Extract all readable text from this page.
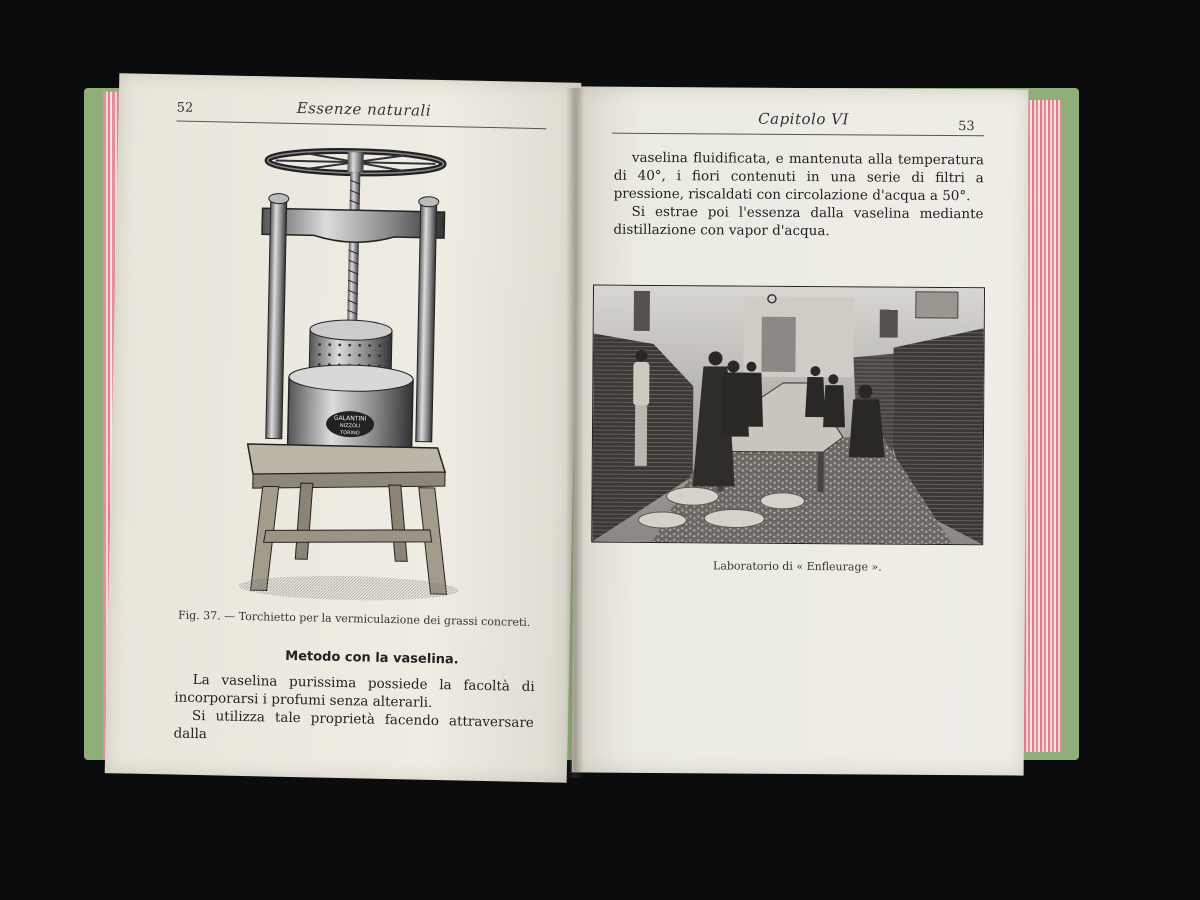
52	Essenze naturali
GALANTINI
NIZZOLI
TORINO
Fig. 37. — Torchietto per la vermiculazione dei grassi concreti.
Metodo con la vaselina.

La vaselina purissima possiede la facoltà di incorporarsi i profumi senza alterarli.

Si utilizza tale proprietà facendo attraversare dalla

Capitolo VI	53

vaselina fluidificata, e mantenuta alla temperatura di 40°, i fiori contenuti in una serie di filtri a pressione, riscaldati con circolazione d'acqua a 50°.

Si estrae poi l'essenza dalla vaselina mediante distillazione con vapor d'acqua.

Laboratorio di « Enfleurage ».
